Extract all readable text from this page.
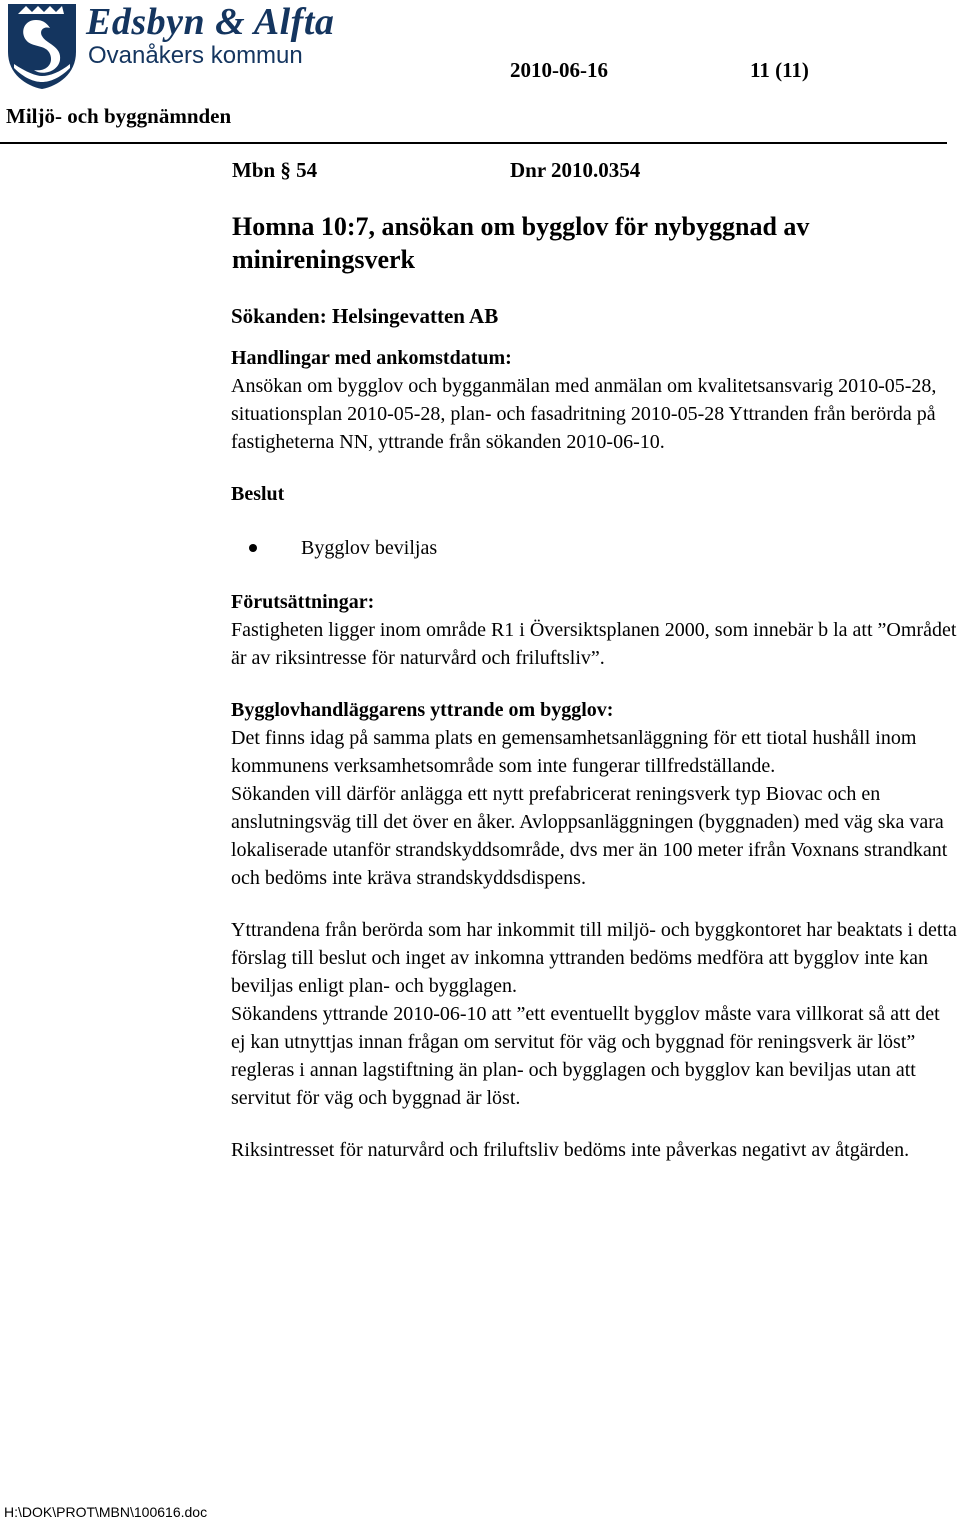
Edsbyn & Alfta
Ovanåkers kommun
2010-06-16	11 (11)
Miljö- och byggnämnden
Mbn § 54	Dnr 2010.0354
Homna 10:7, ansökan om bygglov för nybyggnad av minireningsverk

Sökanden: Helsingevatten AB

Handlingar med ankomstdatum:

Ansökan om bygglov och bygganmälan med anmälan om kvalitetsansvarig 2010-05-28, situationsplan 2010-05-28, plan- och fasadritning 2010-05-28 Yttranden från berörda på fastigheterna NN, yttrande från sökanden 2010-06-10.

Beslut

Bygglov beviljas

Förutsättningar:

Fastigheten ligger inom område R1 i Översiktsplanen 2000, som innebär b la att ”Området är av riksintresse för naturvård och friluftsliv”.

Bygglovhandläggarens yttrande om bygglov:

Det finns idag på samma plats en gemensamhetsanläggning för ett tiotal hushåll inom kommunens verksamhetsområde som inte fungerar tillfredställande.

Sökanden vill därför anlägga ett nytt prefabricerat reningsverk typ Biovac och en anslutningsväg till det över en åker. Avloppsanläggningen (byggnaden) med väg ska vara lokaliserade utanför strandskyddsområde, dvs mer än 100 meter ifrån Voxnans strandkant och bedöms inte kräva strandskyddsdispens.

Yttrandena från berörda som har inkommit till miljö- och byggkontoret har beaktats i detta förslag till beslut och inget av inkomna yttranden bedöms medföra att bygglov inte kan beviljas enligt plan- och bygglagen.

Sökandens yttrande 2010-06-10 att ”ett eventuellt bygglov måste vara villkorat så att det ej kan utnyttjas innan frågan om servitut för väg och byggnad för reningsverk är löst” regleras i annan lagstiftning än plan- och bygglagen och bygglov kan beviljas utan att servitut för väg och byggnad är löst.

Riksintresset för naturvård och friluftsliv bedöms inte påverkas negativt av åtgärden.

H:\DOK\PROT\MBN\100616.doc
